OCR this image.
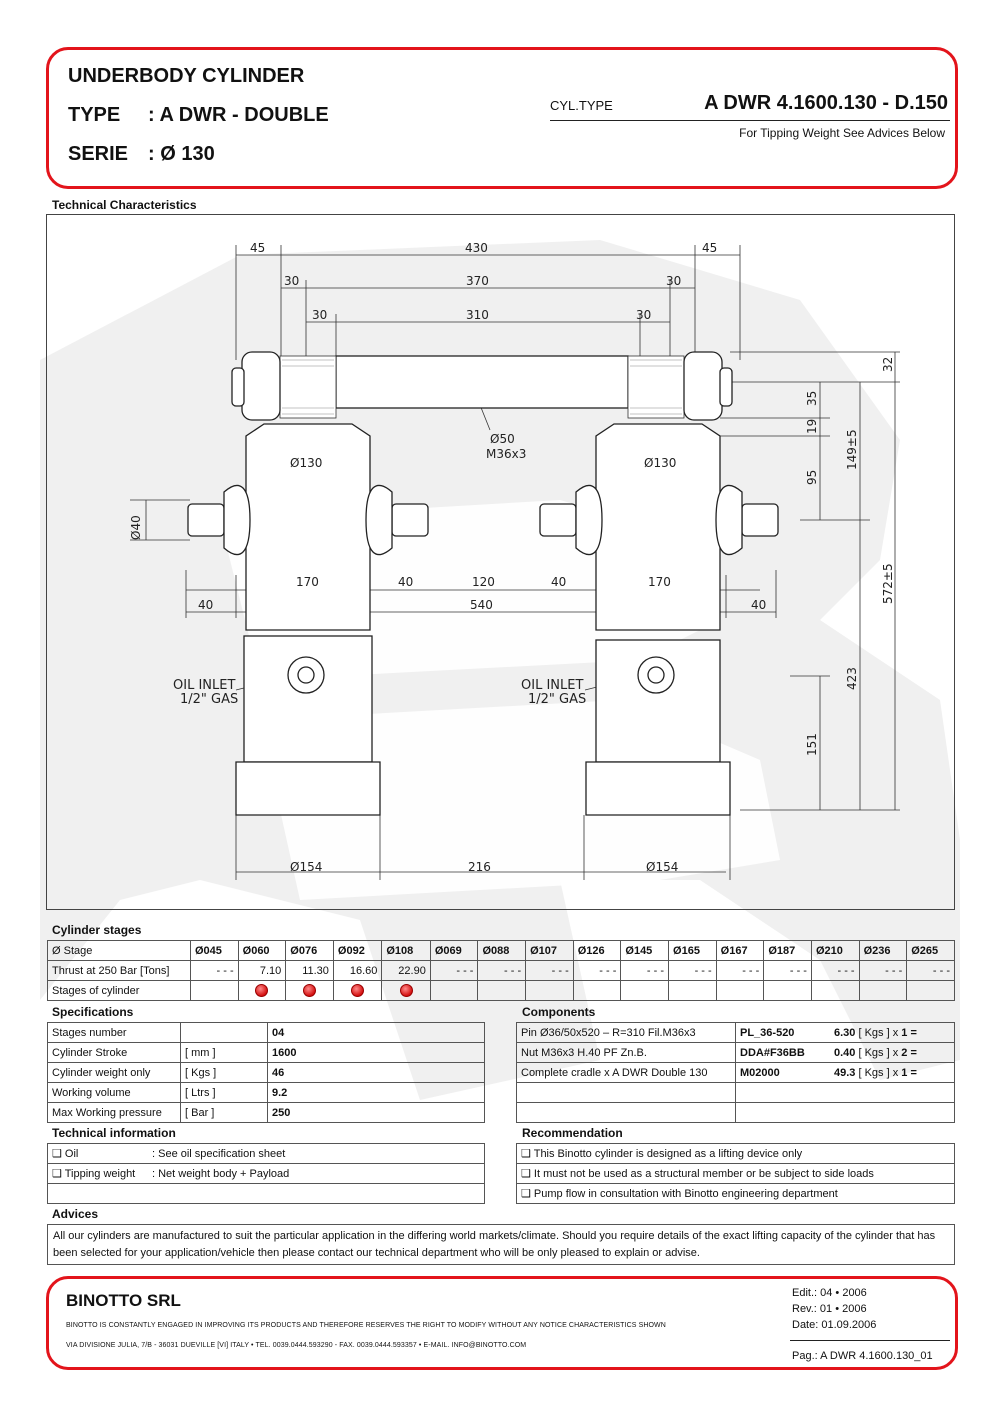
UNDERBODY CYLINDER
TYPE : A DWR - DOUBLE
SERIE : Ø 130
CYL.TYPE	A DWR 4.1600.130 - D.150
For Tipping Weight See Advices Below
Technical Characteristics
45	430	45
30	370	30
30	310	30
32
35
19
149±5
95
572±5
423
151
Ø50
M36x3
Ø130	Ø130
Ø40
170	40	120	40	170
40	540	40
OIL INLET
1/2" GAS
OIL INLET
1/2" GAS
Ø154	216	Ø154
Cylinder stages
Ø Stage	Ø045	Ø060	Ø076	Ø092	Ø108	Ø069	Ø088	Ø107	Ø126	Ø145	Ø165	Ø167	Ø187	Ø210	Ø236	Ø265
Thrust at 250 Bar [Tons]	- - -	7.10	11.30	16.60	22.90	- - -	- - -	- - -	- - -	- - -	- - -	- - -	- - -	- - -	- - -	- - -
Stages of cylinder																
Specifications
Stages number		04
Cylinder Stroke	[ mm ]	1600
Cylinder weight only	[ Kgs ]	46
Working volume	[ Ltrs ]	9.2
Max Working pressure	[ Bar ]	250
Components
Pin Ø36/50x520 – R=310 Fil.M36x3	PL_36-520 6.30 [ Kgs ] x 1 =
Nut M36x3 H.40 PF Zn.B.	DDA#F36BB 0.40 [ Kgs ] x 2 =
Complete cradle x A DWR Double 130	M02000 49.3 [ Kgs ] x 1 =

Technical information
❑ Oil	: See oil specification sheet
❑ Tipping weight	: Net weight body + Payload

Recommendation
❑ This Binotto cylinder is designed as a lifting device only
❑ It must not be used as a structural member or be subject to side loads
❑ Pump flow in consultation with Binotto engineering department
Advices
All our cylinders are manufactured to suit the particular application in the differing world markets/climate. Should you require details of the exact lifting capacity of the cylinder that has been selected for your application/vehicle then please contact our technical department who will be only pleased to explain or advise.
BINOTTO SRL
BINOTTO IS CONSTANTLY ENGAGED IN IMPROVING ITS PRODUCTS AND THEREFORE RESERVES THE RIGHT TO MODIFY WITHOUT ANY NOTICE CHARACTERISTICS SHOWN
VIA DIVISIONE JULIA, 7/B - 36031 DUEVILLE [VI] ITALY • TEL. 0039.0444.593290 - FAX. 0039.0444.593357 • E-MAIL. INFO@BINOTTO.COM
Edit.: 04 • 2006
Rev.: 01 • 2006
Date: 01.09.2006
Pag.: A DWR 4.1600.130_01
